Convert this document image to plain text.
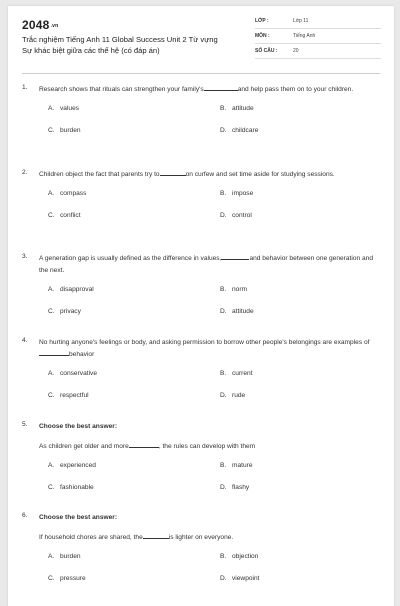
2048.vn
Trắc nghiệm Tiếng Anh 11 Global Success Unit 2 Từ vựng
Sự khác biệt giữa các thế hệ (có đáp án)
LỚP :	Lớp 11
MÔN :	Tiếng Anh
SỐ CÂU :	20
1. Research shows that rituals can strengthen your family's	and help pass them on to your children.
A. values	B. attitude
C. burden	D. childcare
2. Children object the fact that parents try to	on curfew and set time aside for studying sessions.
A. compass	B. impose
C. conflict	D. control
3. A generation gap is usually defined as the difference in values,	and behavior between one generation and the next.
A. disapproval	B. norm
C. privacy	D. attitude
4. No hurting anyone's feelings or body, and asking permission to borrow other people's belongings are examples ofbehavior
A. conservative	B. current
C. respectful	D. rude
5. Choose the best answer:
As children get older and more	, the rules can develop with them
A. experienced	B. mature
C. fashionable	D. flashy
6. Choose the best answer:
If household chores are shared, the	is lighter on everyone.
A. burden	B. objection
C. pressure	D. viewpoint
